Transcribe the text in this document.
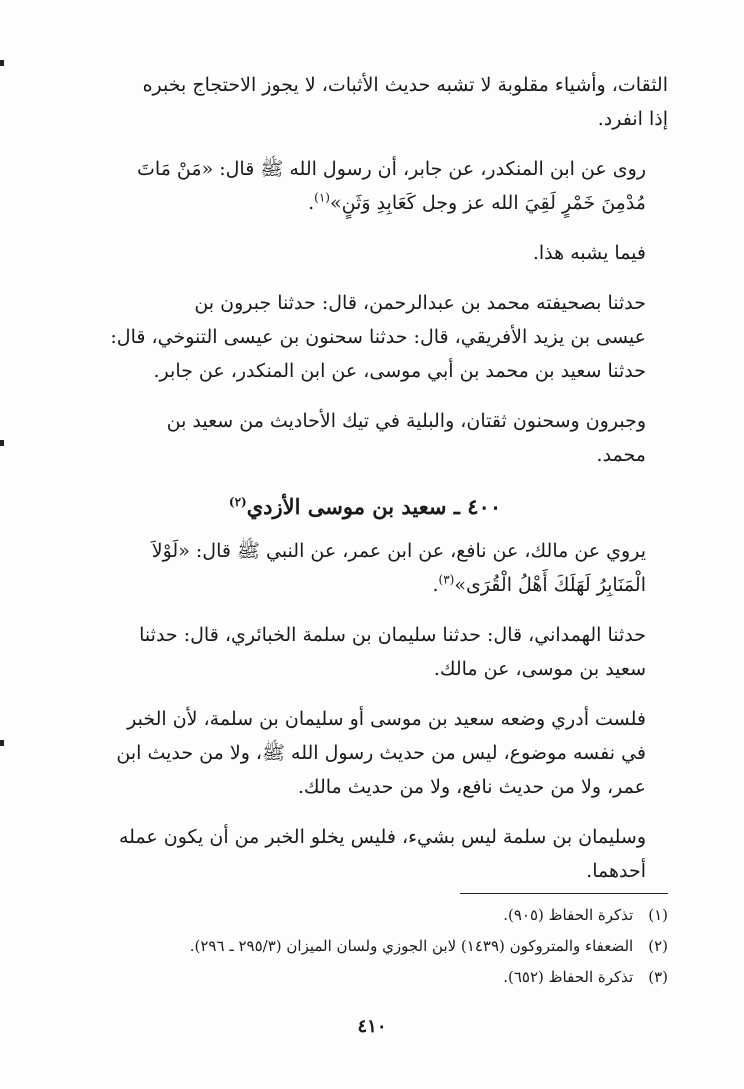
الثقات، وأشياء مقلوبة لا تشبه حديث الأثبات، لا يجوز الاحتجاج بخبره
إذا انفرد.

روى عن ابن المنكدر، عن جابر، أن رسول الله ﷺ قال: «مَنْ مَاتَ
مُدْمِنَ خَمْرٍ لَقِيَ الله عز وجل كَعَابِدِ وَثَنٍ»$^{(١)}$.

فيما يشبه هذا.

حدثنا بصحيفته محمد بن عبدالرحمن، قال: حدثنا جبرون بن
عيسى بن يزيد الأفريقي، قال: حدثنا سحنون بن عيسى التنوخي، قال:
حدثنا سعيد بن محمد بن أبي موسى، عن ابن المنكدر، عن جابر.

وجبرون وسحنون ثقتان، والبلية في تيك الأحاديث من سعيد بن
محمد.

٤٠٠ ـ سعيد بن موسى الأزدي$^{(٢)}$

يروي عن مالك، عن نافع، عن ابن عمر، عن النبي ﷺ قال: «لَوْلاَ
الْمَنَابِرُ لَهَلَكَ أَهْلُ الْقُرَى»$^{(٣)}$.

حدثنا الهمداني، قال: حدثنا سليمان بن سلمة الخبائري، قال: حدثنا
سعيد بن موسى، عن مالك.

فلست أدري وضعه سعيد بن موسى أو سليمان بن سلمة، لأن الخبر
في نفسه موضوع، ليس من حديث رسول الله ﷺ، ولا من حديث ابن
عمر، ولا من حديث نافع، ولا من حديث مالك.

وسليمان بن سلمة ليس بشيء، فليس يخلو الخبر من أن يكون عمله
أحدهما.

(١) تذكرة الحفاظ (٩٠٥).
(٢) الضعفاء والمتروكون (١٤٣٩) لابن الجوزي ولسان الميزان (٢٩٥/٣ ـ ٢٩٦).
(٣) تذكرة الحفاظ (٦٥٢).
٤١٠
